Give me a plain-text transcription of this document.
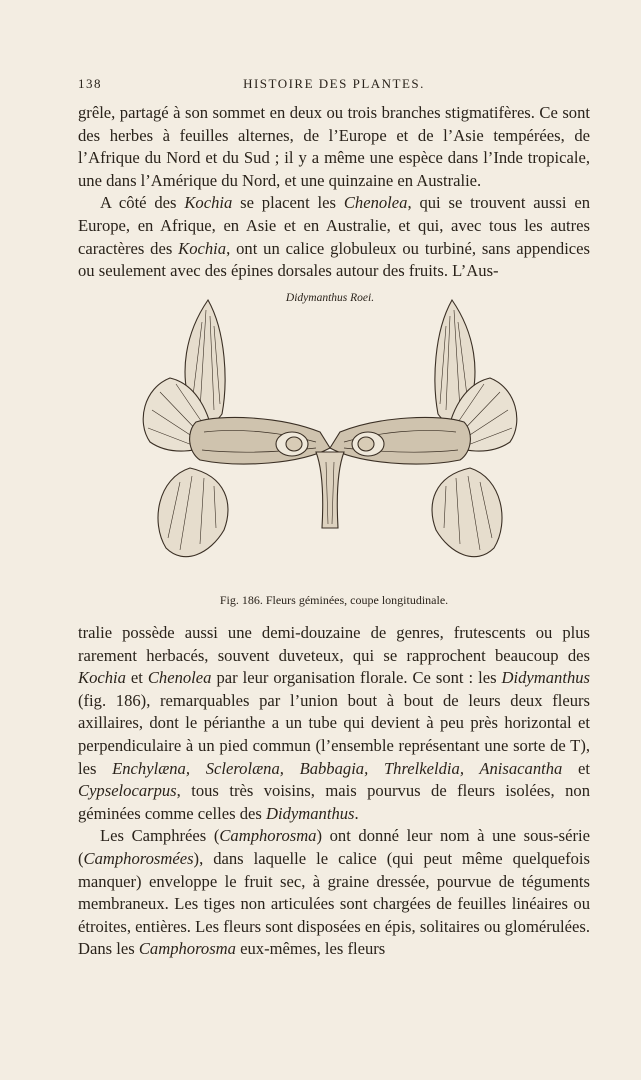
138	HISTOIRE DES PLANTES.

grêle, partagé à son sommet en deux ou trois branches stigmatifères. Ce sont des herbes à feuilles alternes, de l’Europe et de l’Asie tempérées, de l’Afrique du Nord et du Sud ; il y a même une espèce dans l’Inde tropicale, une dans l’Amérique du Nord, et une quinzaine en Australie.

A côté des Kochia se placent les Chenolea, qui se trouvent aussi en Europe, en Afrique, en Asie et en Australie, et qui, avec tous les autres caractères des Kochia, ont un calice globuleux ou turbiné, sans appendices ou seulement avec des épines dorsales autour des fruits. L’Aus-

Didymanthus Roei.
Fig. 186. Fleurs géminées, coupe longitudinale.

tralie possède aussi une demi-douzaine de genres, frutescents ou plus rarement herbacés, souvent duveteux, qui se rapprochent beaucoup des Kochia et Chenolea par leur organisation florale. Ce sont : les Didymanthus (fig. 186), remarquables par l’union bout à bout de leurs deux fleurs axillaires, dont le périanthe a un tube qui devient à peu près horizontal et perpendiculaire à un pied commun (l’ensemble représentant une sorte de T), les Enchylæna, Sclerolæna, Babbagia, Threlkeldia, Anisacantha et Cypselocarpus, tous très voisins, mais pourvus de fleurs isolées, non géminées comme celles des Didymanthus.

Les Camphrées (Camphorosma) ont donné leur nom à une sous-série (Camphorosmées), dans laquelle le calice (qui peut même quelquefois manquer) enveloppe le fruit sec, à graine dressée, pourvue de téguments membraneux. Les tiges non articulées sont chargées de feuilles linéaires ou étroites, entières. Les fleurs sont disposées en épis, solitaires ou glomérulées. Dans les Camphorosma eux-mêmes, les fleurs
